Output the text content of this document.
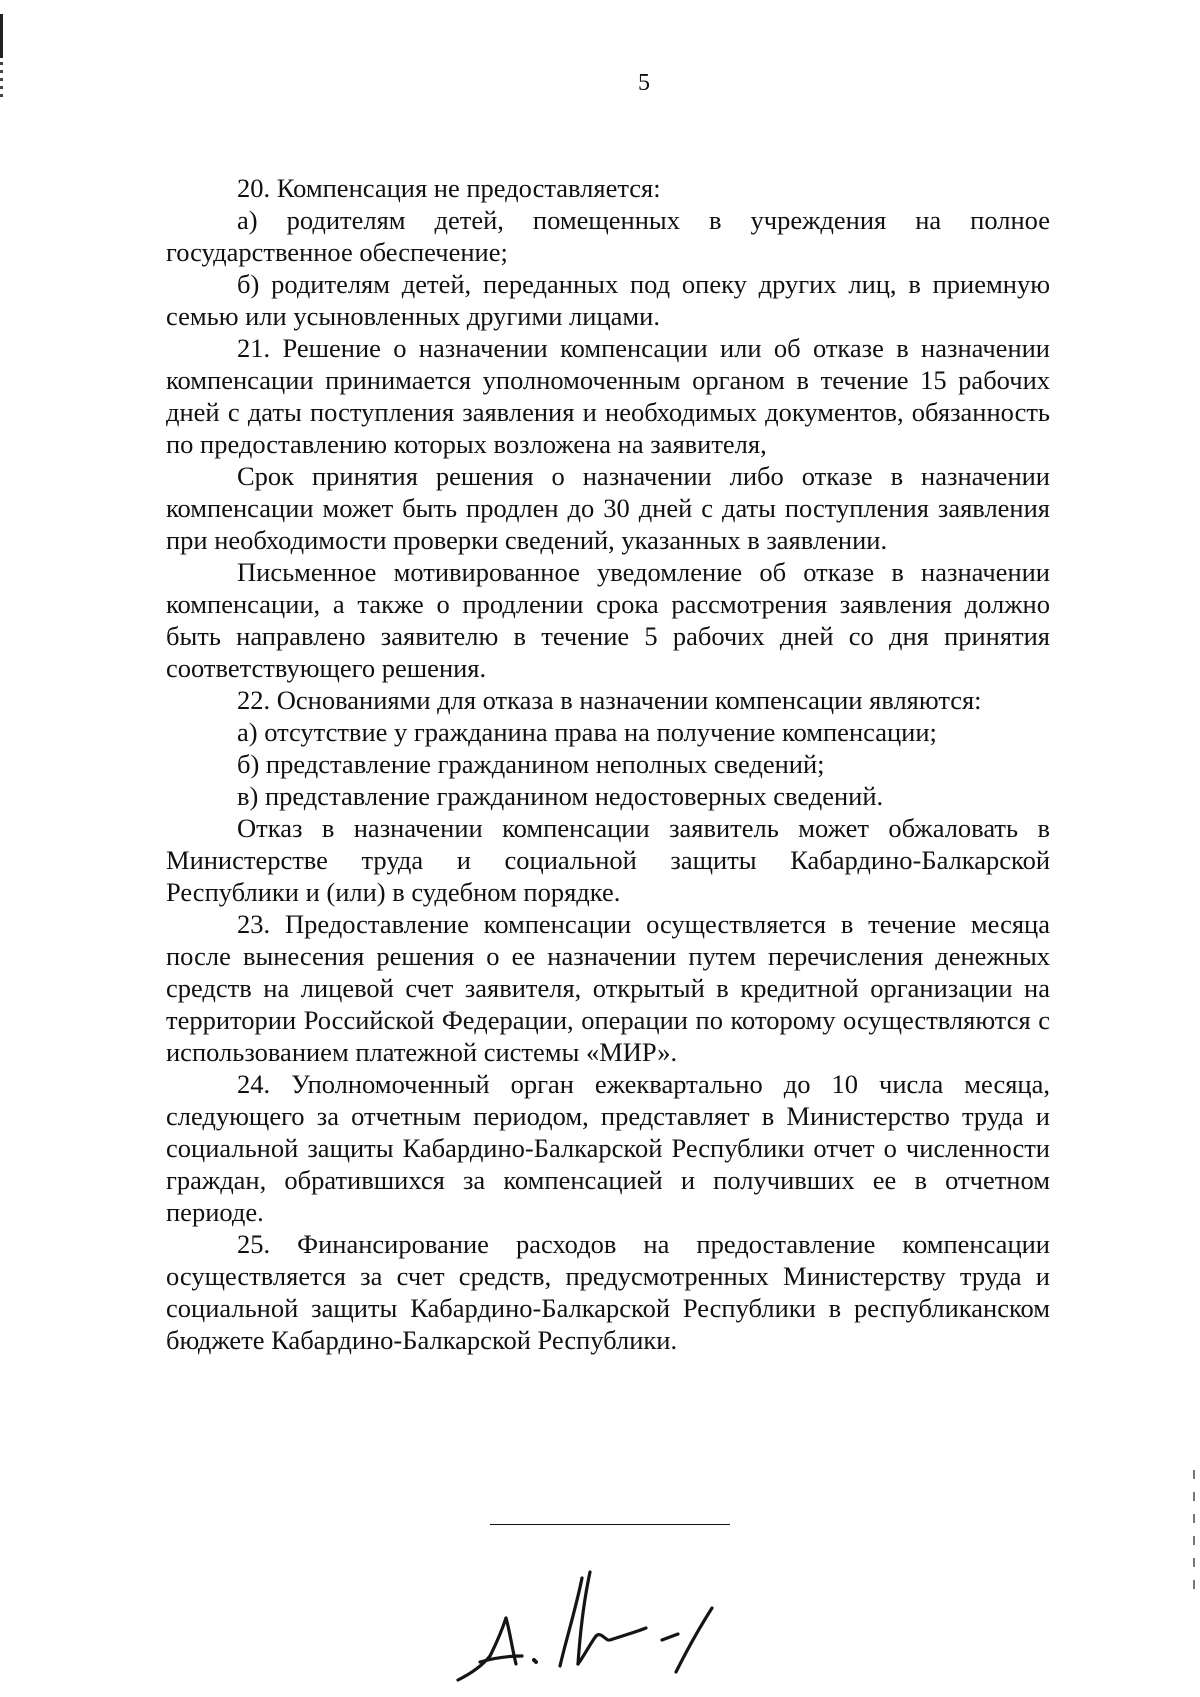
5

20. Компенсация не предоставляется:

а) родителям детей, помещенных в учреждения на полное государственное обеспечение;

б) родителям детей, переданных под опеку других лиц, в приемную семью или усыновленных другими лицами.

21. Решение о назначении компенсации или об отказе в назначении компенсации принимается уполномоченным органом в течение 15 рабочих дней с даты поступления заявления и необходимых документов, обязанность по предоставлению которых возложена на заявителя,

Срок принятия решения о назначении либо отказе в назначении компенсации может быть продлен до 30 дней с даты поступления заявления при необходимости проверки сведений, указанных в заявлении.

Письменное мотивированное уведомление об отказе в назначении компенсации, а также о продлении срока рассмотрения заявления должно быть направлено заявителю в течение 5 рабочих дней со дня принятия соответствующего решения.

22. Основаниями для отказа в назначении компенсации являются:

а) отсутствие у гражданина права на получение компенсации;

б) представление гражданином неполных сведений;

в) представление гражданином недостоверных сведений.

Отказ в назначении компенсации заявитель может обжаловать в Министерстве труда и социальной защиты Кабардино-Балкарской Республики и (или) в судебном порядке.

23. Предоставление компенсации осуществляется в течение месяца после вынесения решения о ее назначении путем перечисления денежных средств на лицевой счет заявителя, открытый в кредитной организации на территории Российской Федерации, операции по которому осуществляются с использованием платежной системы «МИР».

24. Уполномоченный орган ежеквартально до 10 числа месяца, следующего за отчетным периодом, представляет в Министерство труда и социальной защиты Кабардино-Балкарской Республики отчет о численности граждан, обратившихся за компенсацией и получивших ее в отчетном периоде.

25. Финансирование расходов на предоставление компенсации осуществляется за счет средств, предусмотренных Министерству труда и социальной защиты Кабардино-Балкарской Республики в республиканском бюджете Кабардино-Балкарской Республики.
